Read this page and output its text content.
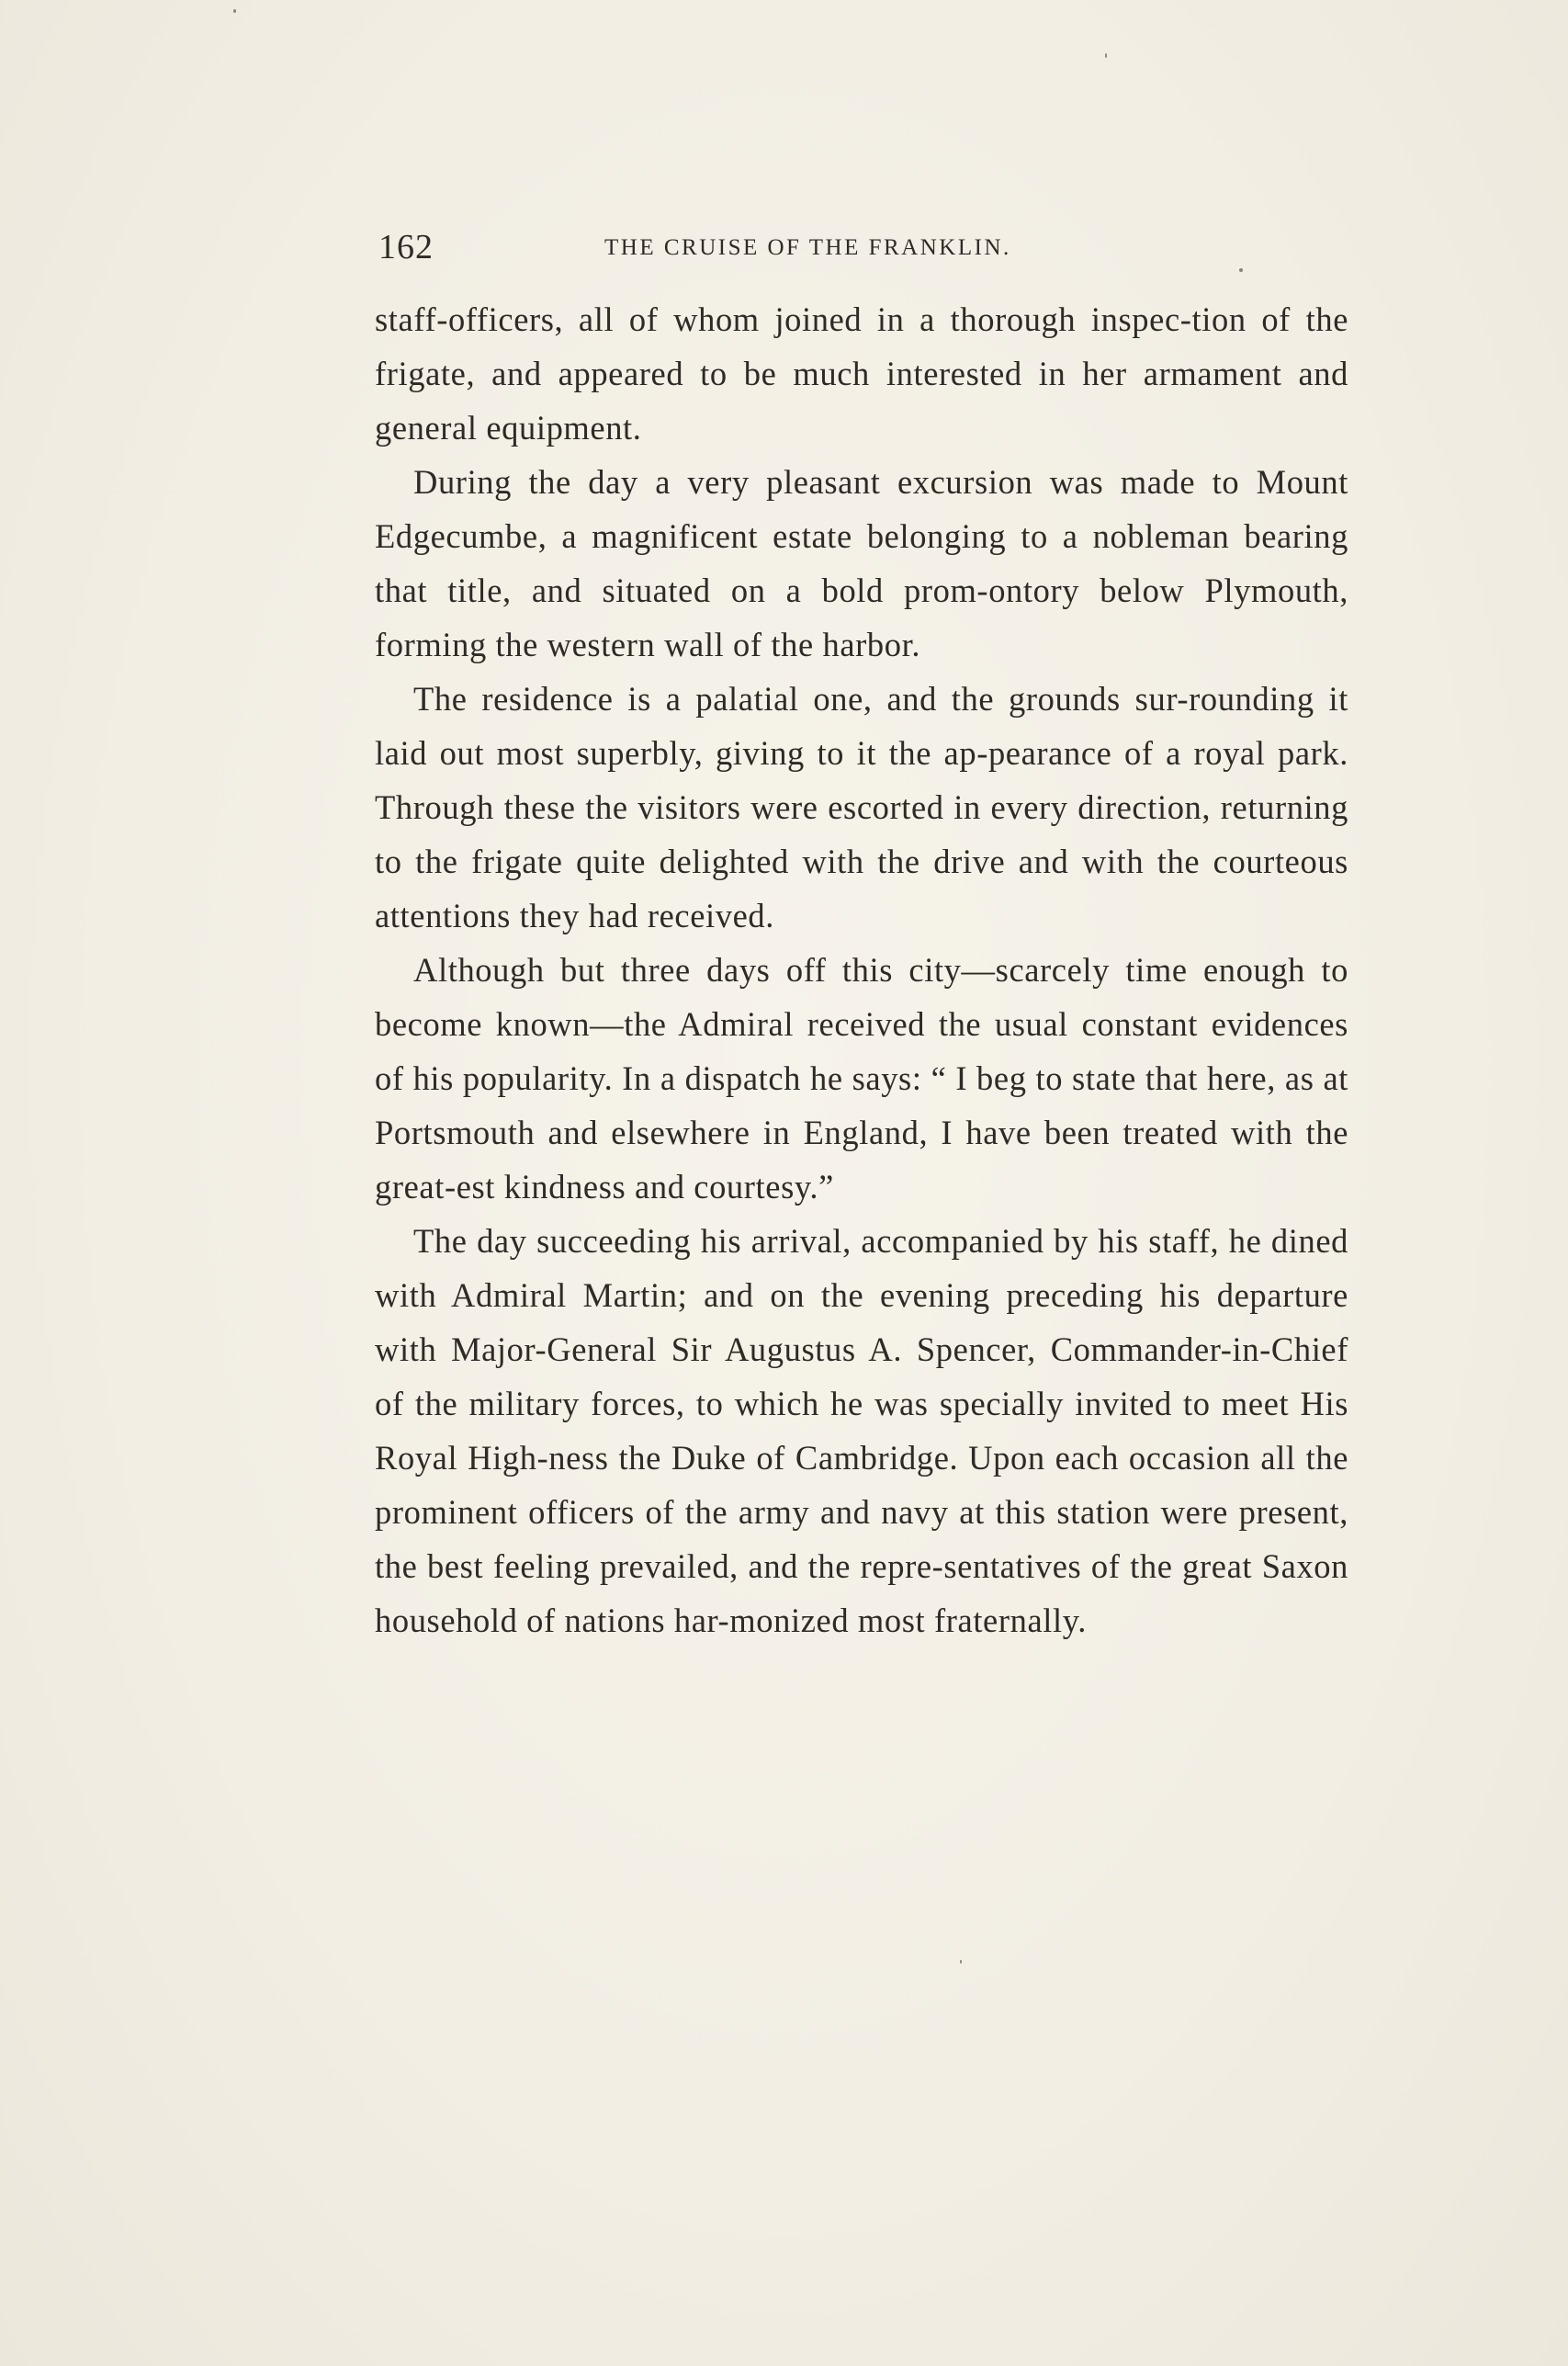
162	THE CRUISE OF THE FRANKLIN.

staff-officers, all of whom joined in a thorough inspec-tion of the frigate, and appeared to be much interested in her armament and general equipment.

During the day a very pleasant excursion was made to Mount Edgecumbe, a magnificent estate belonging to a nobleman bearing that title, and situated on a bold prom-ontory below Plymouth, forming the western wall of the harbor.

The residence is a palatial one, and the grounds sur-rounding it laid out most superbly, giving to it the ap-pearance of a royal park. Through these the visitors were escorted in every direction, returning to the frigate quite delighted with the drive and with the courteous attentions they had received.

Although but three days off this city—scarcely time enough to become known—the Admiral received the usual constant evidences of his popularity. In a dispatch he says: “ I beg to state that here, as at Portsmouth and elsewhere in England, I have been treated with the great-est kindness and courtesy.”

The day succeeding his arrival, accompanied by his staff, he dined with Admiral Martin; and on the evening preceding his departure with Major-General Sir Augustus A. Spencer, Commander-in-Chief of the military forces, to which he was specially invited to meet His Royal High-ness the Duke of Cambridge. Upon each occasion all the prominent officers of the army and navy at this station were present, the best feeling prevailed, and the repre-sentatives of the great Saxon household of nations har-monized most fraternally.
